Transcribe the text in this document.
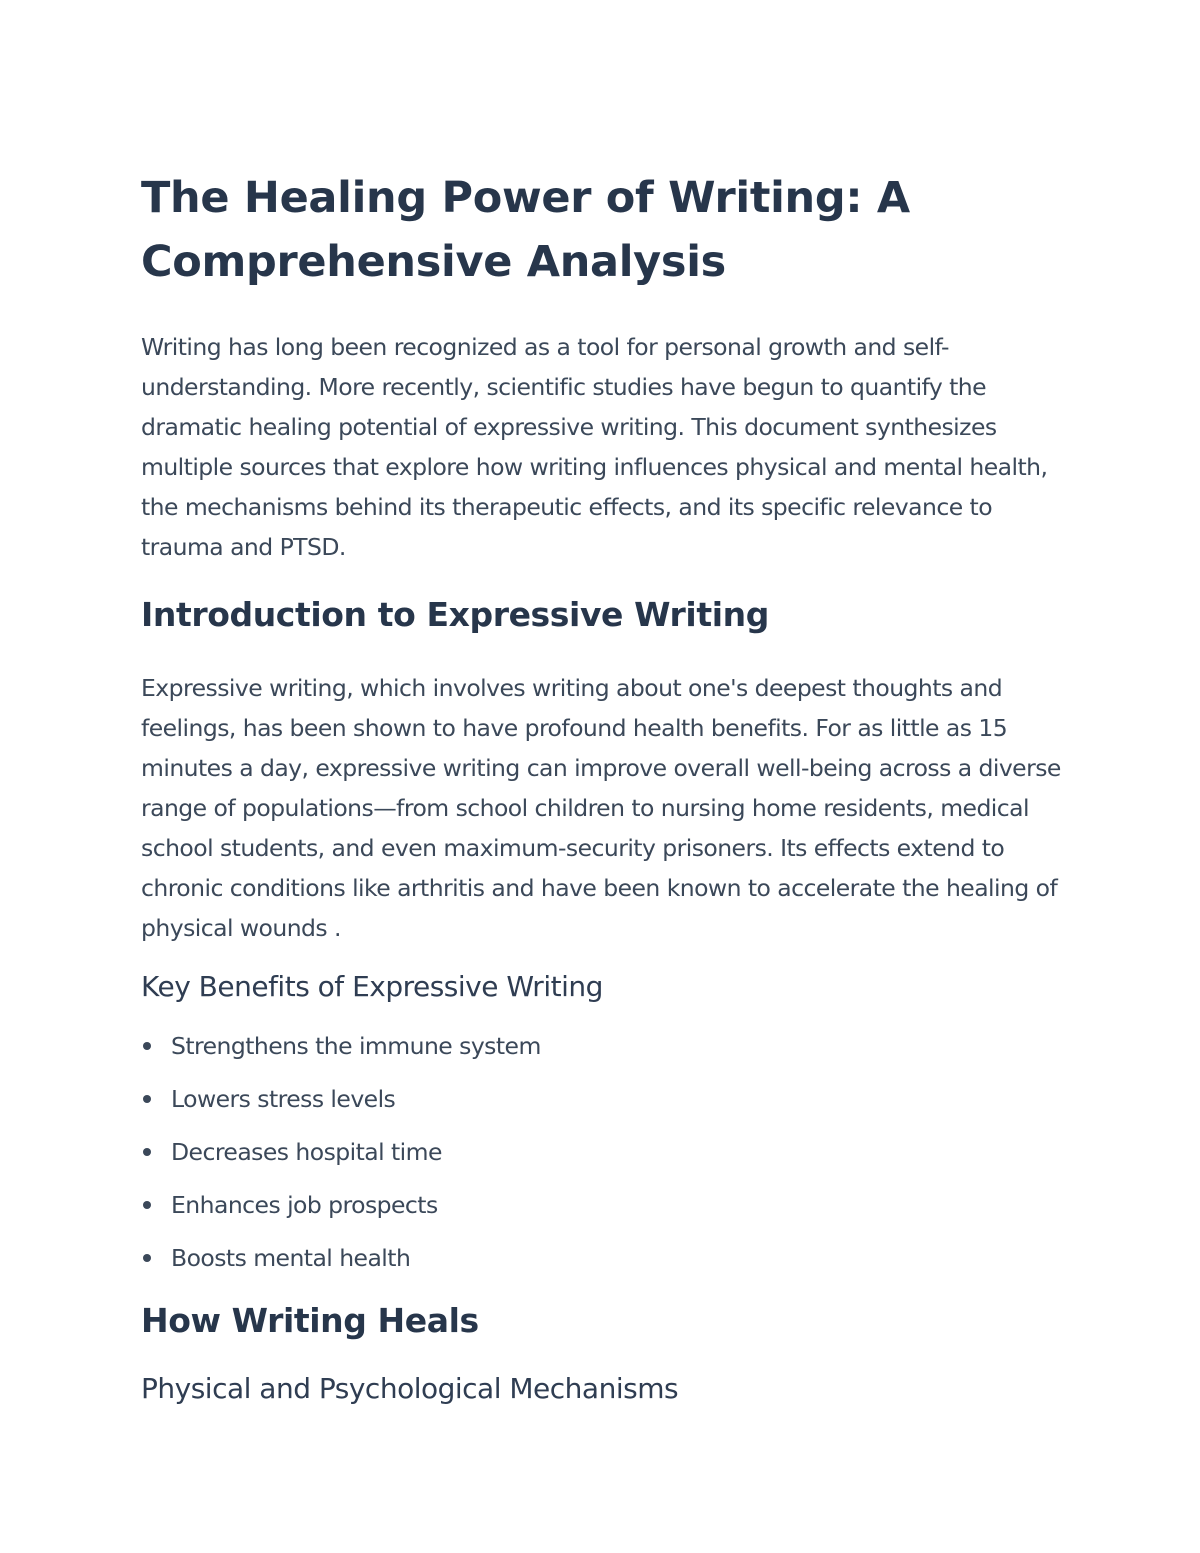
The Healing Power of Writing: A Comprehensive Analysis

Writing has long been recognized as a tool for personal growth and self-understanding. More recently, scientific studies have begun to quantify the dramatic healing potential of expressive writing. This document synthesizes multiple sources that explore how writing influences physical and mental health, the mechanisms behind its therapeutic effects, and its specific relevance to trauma and PTSD.

Introduction to Expressive Writing

Expressive writing, which involves writing about one's deepest thoughts and feelings, has been shown to have profound health benefits. For as little as 15 minutes a day, expressive writing can improve overall well-being across a diverse range of populations—from school children to nursing home residents, medical school students, and even maximum-security prisoners. Its effects extend to chronic conditions like arthritis and have been known to accelerate the healing of physical wounds .

Key Benefits of Expressive Writing
Strengthens the immune system
Lowers stress levels
Decreases hospital time
Enhances job prospects
Boosts mental health
How Writing Heals
Physical and Psychological Mechanisms
